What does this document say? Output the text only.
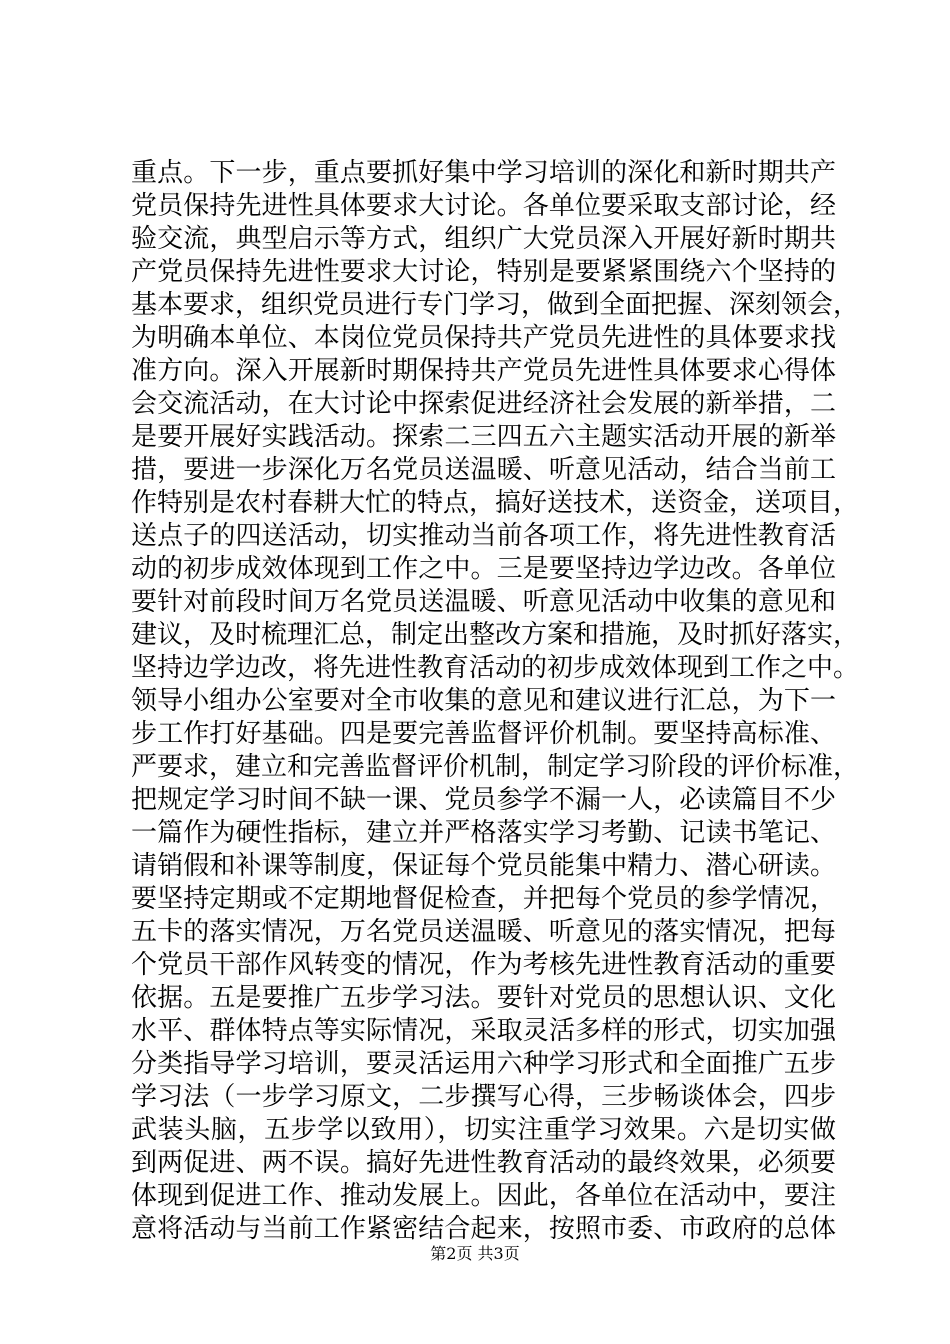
重点。下一步，重点要抓好集中学习培训的深化和新时期共产
党员保持先进性具体要求大讨论。各单位要采取支部讨论，经
验交流，典型启示等方式，组织广大党员深入开展好新时期共
产党员保持先进性要求大讨论，特别是要紧紧围绕六个坚持的
基本要求，组织党员进行专门学习，做到全面把握、深刻领会，
为明确本单位、本岗位党员保持共产党员先进性的具体要求找
准方向。深入开展新时期保持共产党员先进性具体要求心得体
会交流活动，在大讨论中探索促进经济社会发展的新举措，二
是要开展好实践活动。探索二三四五六主题实活动开展的新举
措，要进一步深化万名党员送温暖、听意见活动，结合当前工
作特别是农村春耕大忙的特点，搞好送技术，送资金，送项目，
送点子的四送活动，切实推动当前各项工作，将先进性教育活
动的初步成效体现到工作之中。三是要坚持边学边改。各单位
要针对前段时间万名党员送温暖、听意见活动中收集的意见和
建议，及时梳理汇总，制定出整改方案和措施，及时抓好落实，
坚持边学边改，将先进性教育活动的初步成效体现到工作之中。
领导小组办公室要对全市收集的意见和建议进行汇总，为下一
步工作打好基础。四是要完善监督评价机制。要坚持高标准、
严要求，建立和完善监督评价机制，制定学习阶段的评价标准，
把规定学习时间不缺一课、党员参学不漏一人，必读篇目不少
一篇作为硬性指标，建立并严格落实学习考勤、记读书笔记、
请销假和补课等制度，保证每个党员能集中精力、潜心研读。
要坚持定期或不定期地督促检查，并把每个党员的参学情况，
五卡的落实情况，万名党员送温暖、听意见的落实情况，把每
个党员干部作风转变的情况，作为考核先进性教育活动的重要
依据。五是要推广五步学习法。要针对党员的思想认识、文化
水平、群体特点等实际情况，采取灵活多样的形式，切实加强
分类指导学习培训，要灵活运用六种学习形式和全面推广五步
学习法（一步学习原文，二步撰写心得，三步畅谈体会，四步
武装头脑，五步学以致用），切实注重学习效果。六是切实做
到两促进、两不误。搞好先进性教育活动的最终效果，必须要
体现到促进工作、推动发展上。因此，各单位在活动中，要注
意将活动与当前工作紧密结合起来，按照市委、市政府的总体
第2页 共3页
